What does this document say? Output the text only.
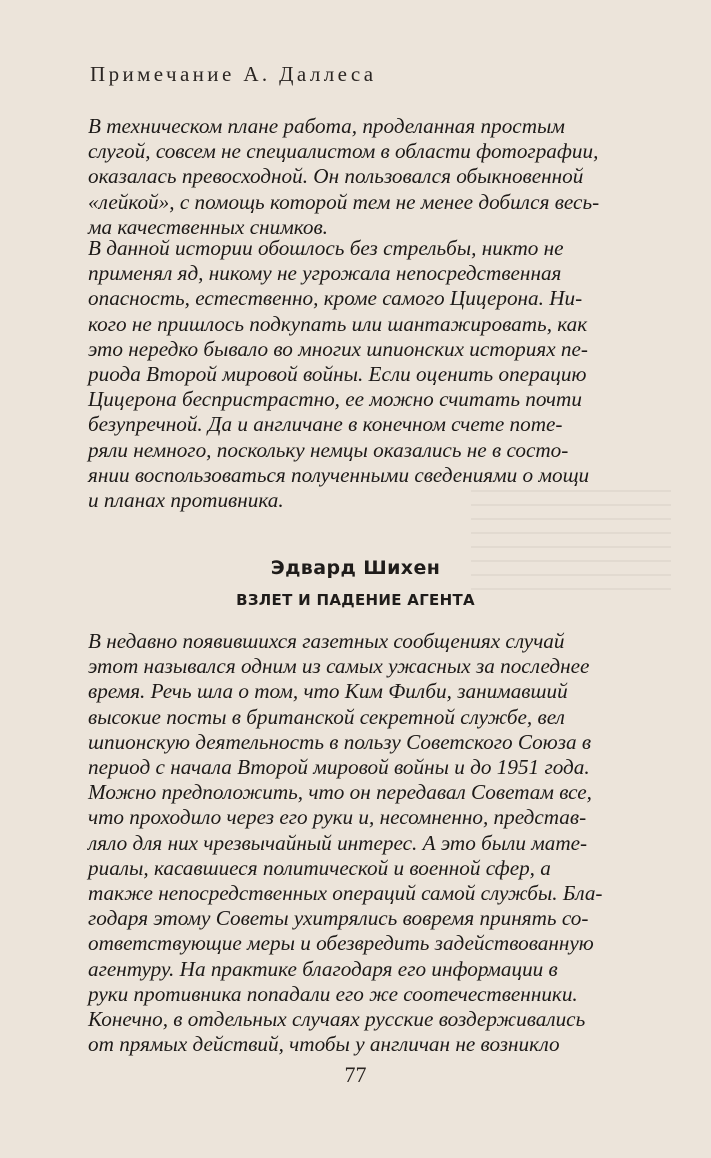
Примечание А. Даллеса

В техническом плане работа, проделанная простым
слугой, совсем не специалистом в области фотографии,
оказалась превосходной. Он пользовался обыкновенной
«лейкой», с помощь которой тем не менее добился весь-
ма качественных снимков.

В данной истории обошлось без стрельбы, никто не
применял яд, никому не угрожала непосредственная
опасность, естественно, кроме самого Цицерона. Ни-
кого не пришлось подкупать или шантажировать, как
это нередко бывало во многих шпионских историях пе-
риода Второй мировой войны. Если оценить операцию
Цицерона беспристрастно, ее можно считать почти
безупречной. Да и англичане в конечном счете поте-
ряли немного, поскольку немцы оказались не в состо-
янии воспользоваться полученными сведениями о мощи
и планах противника.

Эдвард Шихен
ВЗЛЕТ И ПАДЕНИЕ АГЕНТА

В недавно появившихся газетных сообщениях случай
этот назывался одним из самых ужасных за последнее
время. Речь шла о том, что Ким Филби, занимавший
высокие посты в британской секретной службе, вел
шпионскую деятельность в пользу Советского Союза в
период с начала Второй мировой войны и до 1951 года.
Можно предположить, что он передавал Советам все,
что проходило через его руки и, несомненно, представ-
ляло для них чрезвычайный интерес. А это были мате-
риалы, касавшиеся политической и военной сфер, а
также непосредственных операций самой службы. Бла-
годаря этому Советы ухитрялись вовремя принять со-
ответствующие меры и обезвредить задействованную
агентуру. На практике благодаря его информации в
руки противника попадали его же соотечественники.
Конечно, в отдельных случаях русские воздерживались
от прямых действий, чтобы у англичан не возникло

77
